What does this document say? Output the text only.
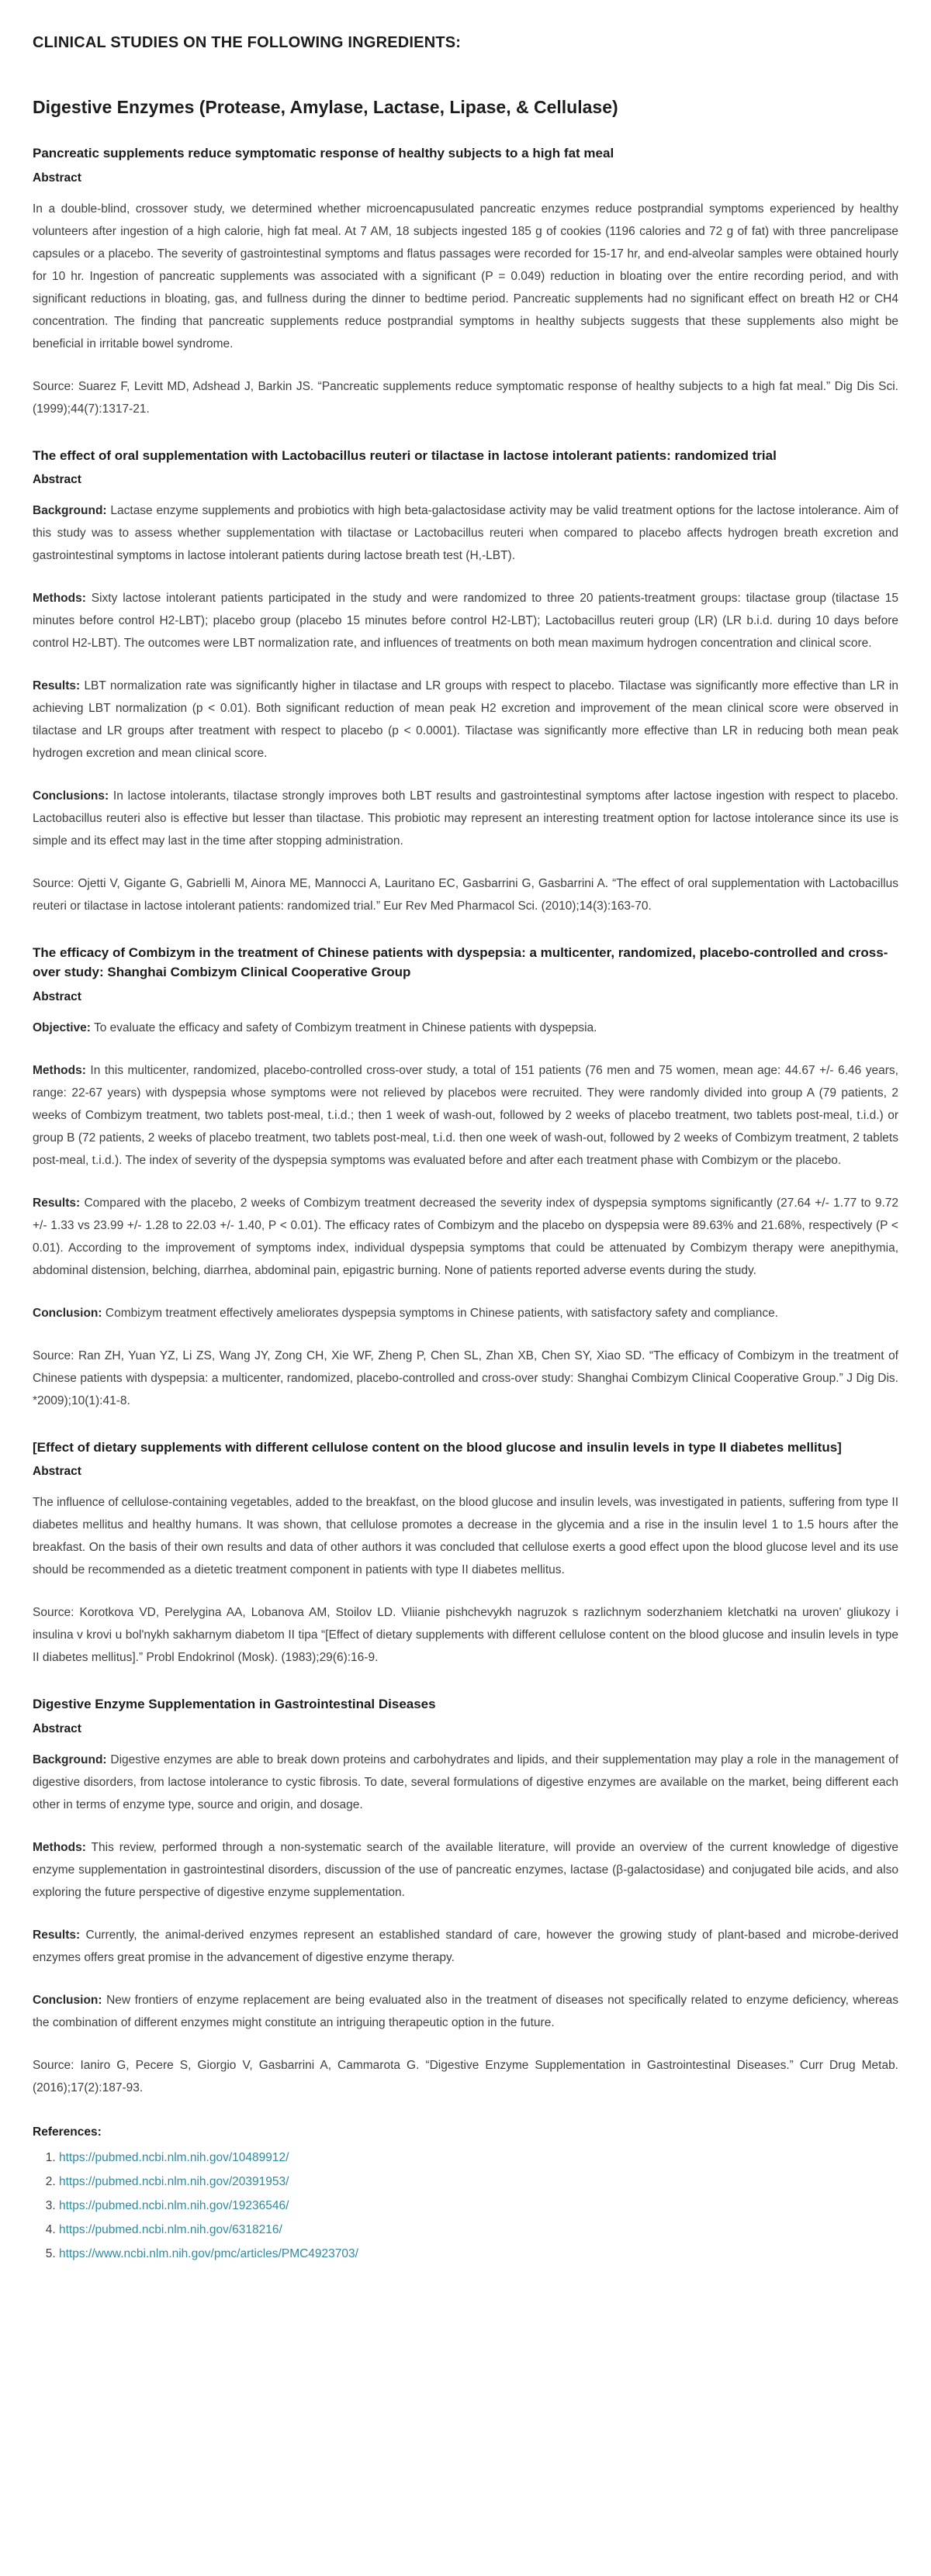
CLINICAL STUDIES ON THE FOLLOWING INGREDIENTS:
Digestive Enzymes (Protease, Amylase, Lactase, Lipase, & Cellulase)
Pancreatic supplements reduce symptomatic response of healthy subjects to a high fat meal
Abstract

In a double-blind, crossover study, we determined whether microencapusulated pancreatic enzymes reduce postprandial symptoms experienced by healthy volunteers after ingestion of a high calorie, high fat meal. At 7 AM, 18 subjects ingested 185 g of cookies (1196 calories and 72 g of fat) with three pancrelipase capsules or a placebo. The severity of gastrointestinal symptoms and flatus passages were recorded for 15-17 hr, and end-alveolar samples were obtained hourly for 10 hr. Ingestion of pancreatic supplements was associated with a significant (P = 0.049) reduction in bloating over the entire recording period, and with significant reductions in bloating, gas, and fullness during the dinner to bedtime period. Pancreatic supplements had no significant effect on breath H2 or CH4 concentration. The finding that pancreatic supplements reduce postprandial symptoms in healthy subjects suggests that these supplements also might be beneficial in irritable bowel syndrome.

Source: Suarez F, Levitt MD, Adshead J, Barkin JS. “Pancreatic supplements reduce symptomatic response of healthy subjects to a high fat meal.” Dig Dis Sci. (1999);44(7):1317-21.

The effect of oral supplementation with Lactobacillus reuteri or tilactase in lactose intolerant patients: randomized trial
Abstract

Background: Lactase enzyme supplements and probiotics with high beta-galactosidase activity may be valid treatment options for the lactose intolerance. Aim of this study was to assess whether supplementation with tilactase or Lactobacillus reuteri when compared to placebo affects hydrogen breath excretion and gastrointestinal symptoms in lactose intolerant patients during lactose breath test (H,-LBT).

Methods: Sixty lactose intolerant patients participated in the study and were randomized to three 20 patients-treatment groups: tilactase group (tilactase 15 minutes before control H2-LBT); placebo group (placebo 15 minutes before control H2-LBT); Lactobacillus reuteri group (LR) (LR b.i.d. during 10 days before control H2-LBT). The outcomes were LBT normalization rate, and influences of treatments on both mean maximum hydrogen concentration and clinical score.

Results: LBT normalization rate was significantly higher in tilactase and LR groups with respect to placebo. Tilactase was significantly more effective than LR in achieving LBT normalization (p < 0.01). Both significant reduction of mean peak H2 excretion and improvement of the mean clinical score were observed in tilactase and LR groups after treatment with respect to placebo (p < 0.0001). Tilactase was significantly more effective than LR in reducing both mean peak hydrogen excretion and mean clinical score.

Conclusions: In lactose intolerants, tilactase strongly improves both LBT results and gastrointestinal symptoms after lactose ingestion with respect to placebo. Lactobacillus reuteri also is effective but lesser than tilactase. This probiotic may represent an interesting treatment option for lactose intolerance since its use is simple and its effect may last in the time after stopping administration.

Source: Ojetti V, Gigante G, Gabrielli M, Ainora ME, Mannocci A, Lauritano EC, Gasbarrini G, Gasbarrini A. “The effect of oral supplementation with Lactobacillus reuteri or tilactase in lactose intolerant patients: randomized trial.” Eur Rev Med Pharmacol Sci. (2010);14(3):163-70.

The efficacy of Combizym in the treatment of Chinese patients with dyspepsia: a multicenter, randomized, placebo-controlled and cross-over study: Shanghai Combizym Clinical Cooperative Group
Abstract

Objective: To evaluate the efficacy and safety of Combizym treatment in Chinese patients with dyspepsia.

Methods: In this multicenter, randomized, placebo-controlled cross-over study, a total of 151 patients (76 men and 75 women, mean age: 44.67 +/- 6.46 years, range: 22-67 years) with dyspepsia whose symptoms were not relieved by placebos were recruited. They were randomly divided into group A (79 patients, 2 weeks of Combizym treatment, two tablets post-meal, t.i.d.; then 1 week of wash-out, followed by 2 weeks of placebo treatment, two tablets post-meal, t.i.d.) or group B (72 patients, 2 weeks of placebo treatment, two tablets post-meal, t.i.d. then one week of wash-out, followed by 2 weeks of Combizym treatment, 2 tablets post-meal, t.i.d.). The index of severity of the dyspepsia symptoms was evaluated before and after each treatment phase with Combizym or the placebo.

Results: Compared with the placebo, 2 weeks of Combizym treatment decreased the severity index of dyspepsia symptoms significantly (27.64 +/- 1.77 to 9.72 +/- 1.33 vs 23.99 +/- 1.28 to 22.03 +/- 1.40, P < 0.01). The efficacy rates of Combizym and the placebo on dyspepsia were 89.63% and 21.68%, respectively (P < 0.01). According to the improvement of symptoms index, individual dyspepsia symptoms that could be attenuated by Combizym therapy were anepithymia, abdominal distension, belching, diarrhea, abdominal pain, epigastric burning. None of patients reported adverse events during the study.

Conclusion: Combizym treatment effectively ameliorates dyspepsia symptoms in Chinese patients, with satisfactory safety and compliance.

Source: Ran ZH, Yuan YZ, Li ZS, Wang JY, Zong CH, Xie WF, Zheng P, Chen SL, Zhan XB, Chen SY, Xiao SD. “The efficacy of Combizym in the treatment of Chinese patients with dyspepsia: a multicenter, randomized, placebo-controlled and cross-over study: Shanghai Combizym Clinical Cooperative Group.” J Dig Dis. *2009);10(1):41-8.

[Effect of dietary supplements with different cellulose content on the blood glucose and insulin levels in type II diabetes mellitus]
Abstract

The influence of cellulose-containing vegetables, added to the breakfast, on the blood glucose and insulin levels, was investigated in patients, suffering from type II diabetes mellitus and healthy humans. It was shown, that cellulose promotes a decrease in the glycemia and a rise in the insulin level 1 to 1.5 hours after the breakfast. On the basis of their own results and data of other authors it was concluded that cellulose exerts a good effect upon the blood glucose level and its use should be recommended as a dietetic treatment component in patients with type II diabetes mellitus.

Source: Korotkova VD, Perelygina AA, Lobanova AM, Stoilov LD. Vliianie pishchevykh nagruzok s razlichnym soderzhaniem kletchatki na uroven' gliukozy i insulina v krovi u bol'nykh sakharnym diabetom II tipa “[Effect of dietary supplements with different cellulose content on the blood glucose and insulin levels in type II diabetes mellitus].” Probl Endokrinol (Mosk). (1983);29(6):16-9.

Digestive Enzyme Supplementation in Gastrointestinal Diseases
Abstract

Background: Digestive enzymes are able to break down proteins and carbohydrates and lipids, and their supplementation may play a role in the management of digestive disorders, from lactose intolerance to cystic fibrosis. To date, several formulations of digestive enzymes are available on the market, being different each other in terms of enzyme type, source and origin, and dosage.

Methods: This review, performed through a non-systematic search of the available literature, will provide an overview of the current knowledge of digestive enzyme supplementation in gastrointestinal disorders, discussion of the use of pancreatic enzymes, lactase (β-galactosidase) and conjugated bile acids, and also exploring the future perspective of digestive enzyme supplementation.

Results: Currently, the animal-derived enzymes represent an established standard of care, however the growing study of plant-based and microbe-derived enzymes offers great promise in the advancement of digestive enzyme therapy.

Conclusion: New frontiers of enzyme replacement are being evaluated also in the treatment of diseases not specifically related to enzyme deficiency, whereas the combination of different enzymes might constitute an intriguing therapeutic option in the future.

Source: Ianiro G, Pecere S, Giorgio V, Gasbarrini A, Cammarota G. “Digestive Enzyme Supplementation in Gastrointestinal Diseases.” Curr Drug Metab. (2016);17(2):187-93.

References:

1. https://pubmed.ncbi.nlm.nih.gov/10489912/
2. https://pubmed.ncbi.nlm.nih.gov/20391953/
3. https://pubmed.ncbi.nlm.nih.gov/19236546/
4. https://pubmed.ncbi.nlm.nih.gov/6318216/
5. https://www.ncbi.nlm.nih.gov/pmc/articles/PMC4923703/
